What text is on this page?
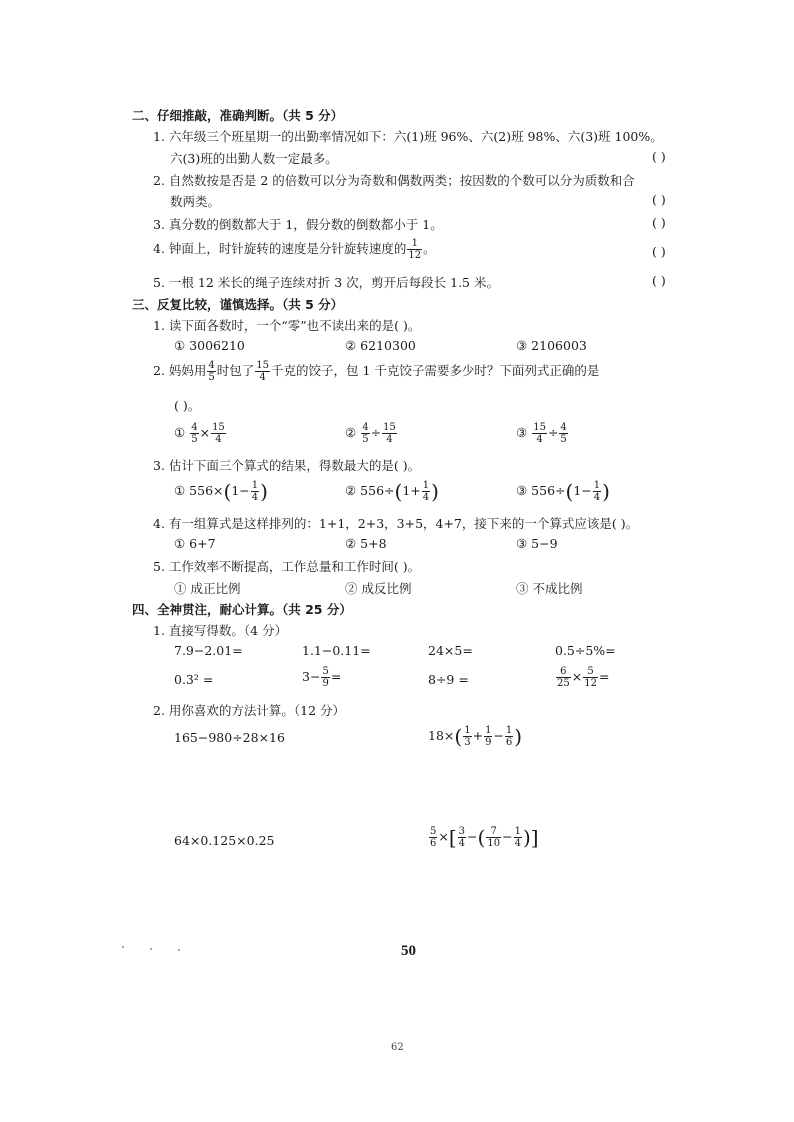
二、仔细推敲，准确判断。（共 5 分）
1. 六年级三个班星期一的出勤率情况如下：六(1)班 96%、六(2)班 98%、六(3)班 100%。
六(3)班的出勤人数一定最多。	( )
2. 自然数按是否是 2 的倍数可以分为奇数和偶数两类；按因数的个数可以分为质数和合
数两类。	( )
3. 真分数的倒数都大于 1，假分数的倒数都小于 1。	( )
4. 钟面上，时针旋转的速度是分针旋转速度的 $\frac{1}{12}$ 。	( )
5. 一根 12 米长的绳子连续对折 3 次，剪开后每段长 1.5 米。	( )
三、反复比较，谨慎选择。（共 5 分）
1. 读下面各数时，一个“零”也不读出来的是( )。
① 3006210	② 6210300	③ 2106003
2. 妈妈用 $\frac{4}{5}$ 时包了 $\frac{15}{4}$ 千克的饺子，包 1 千克饺子需要多少时？下面列式正确的是
( )。
① $\frac{4}{5} \times \frac{15}{4}$	② $\frac{4}{5} \div \frac{15}{4}$	③ $\frac{15}{4} \div \frac{4}{5}$
3. 估计下面三个算式的结果，得数最大的是( )。
① $556\times(1- \frac{1}{4}$ )	② $556\div(1+ \frac{1}{4}$ )	③ $556\div(1- \frac{1}{4}$ )
4. 有一组算式是这样排列的：1+1，2+3，3+5，4+7，接下来的一个算式应该是( )。
① 6+7	② 5+8	③ 5−9
5. 工作效率不断提高，工作总量和工作时间( )。
① 成正比例	② 成反比例	③ 不成比例
四、全神贯注，耐心计算。（共 25 分）
1. 直接写得数。（4 分）
7.9−2.01=	1.1−0.11=	24×5=	0.5÷5%=
0.3² =	$3- \frac{5}{9}$ =	8÷9 =	$\frac{6}{25} \times \frac{5}{12}$ =
2. 用你喜欢的方法计算。（12 分）
165−980÷28×16	$18\times( \frac{1}{3} + \frac{1}{9} - \frac{1}{6}$ )
64×0.125×0.25	$\frac{5}{6}$ ×[ $\frac{3}{4}$ −( $\frac{7}{10} - \frac{1}{4}$ )]
50
62
